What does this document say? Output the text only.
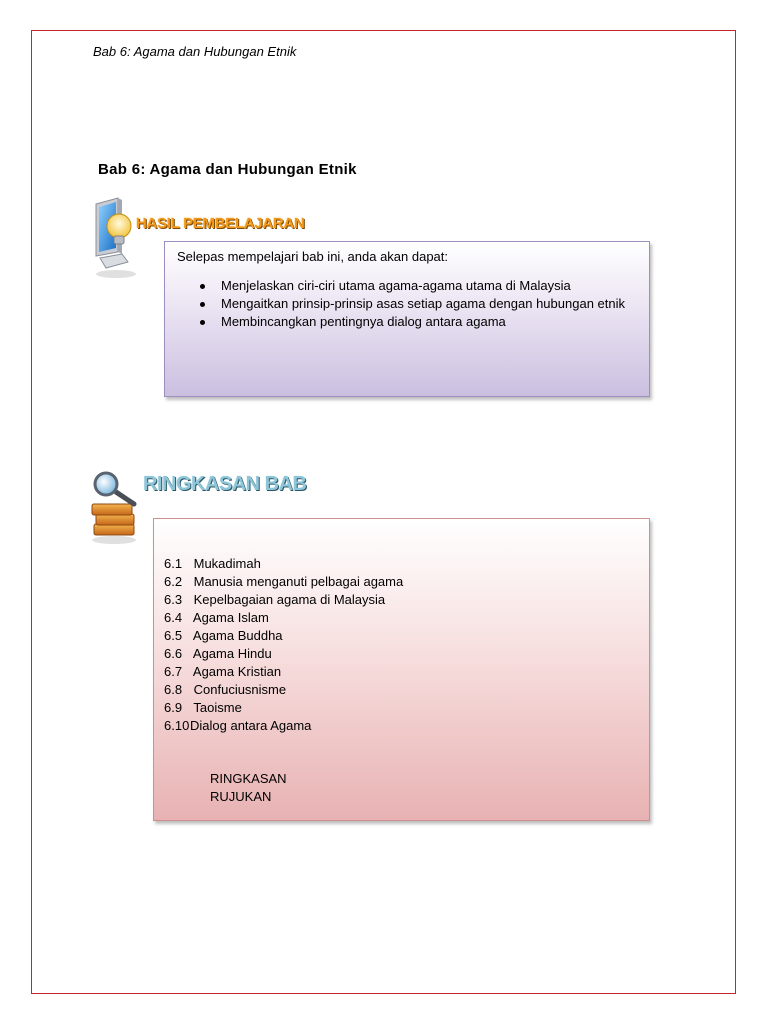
Bab 6: Agama dan Hubungan Etnik
Bab 6: Agama dan Hubungan Etnik
HASIL PEMBELAJARAN

Selepas mempelajari bab ini, anda akan dapat:

Menjelaskan ciri-ciri utama agama-agama utama di Malaysia
Mengaitkan prinsip-prinsip asas setiap agama dengan hubungan etnik
Membincangkan pentingnya dialog antara agama
RINGKASAN BAB
6.1 Mukadimah
6.2 Manusia menganuti pelbagai agama
6.3 Kepelbagaian agama di Malaysia
6.4 Agama Islam
6.5 Agama Buddha
6.6 Agama Hindu
6.7 Agama Kristian
6.8 Confuciusnisme
6.9 Taoisme
6.10Dialog antara Agama
RINGKASAN
RUJUKAN
